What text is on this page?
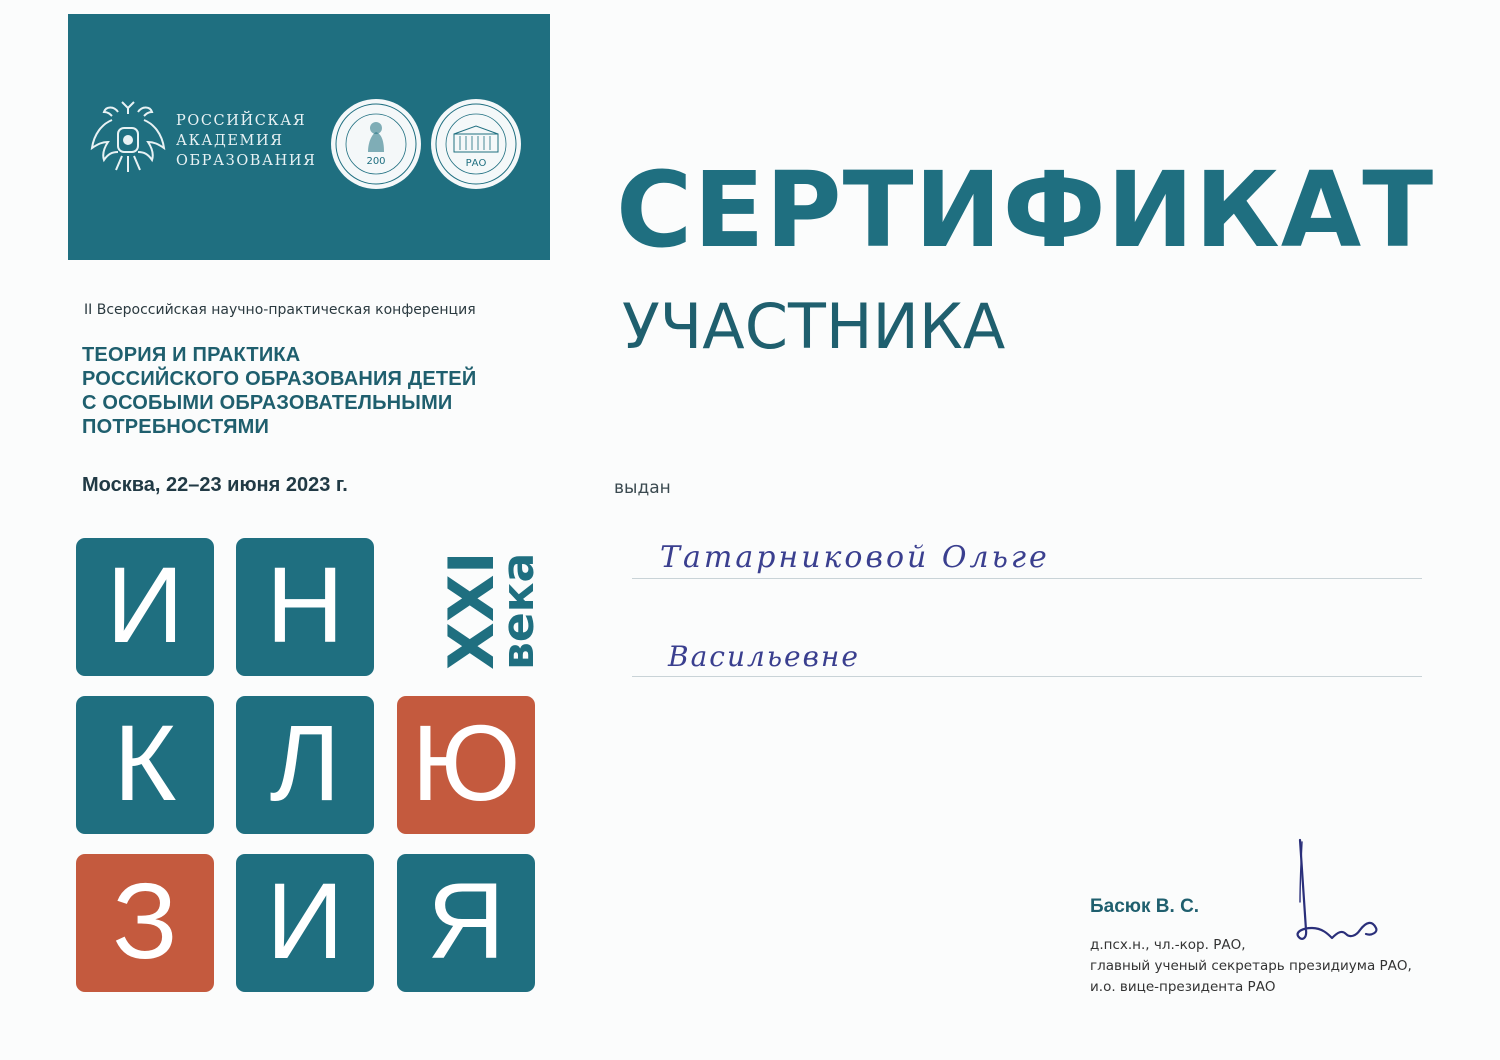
РОССИЙСКАЯ
АКАДЕМИЯ
ОБРАЗОВАНИЯ	200	РАО
II Всероссийская научно-практическая конференция
ТЕОРИЯ И ПРАКТИКА
РОССИЙСКОГО ОБРАЗОВАНИЯ ДЕТЕЙ
С ОСОБЫМИ ОБРАЗОВАТЕЛЬНЫМИ
ПОТРЕБНОСТЯМИ
Москва, 22–23 июня 2023 г.
И Н XXI
века
К Л Ю
З И Я
СЕРТИФИКАТ
УЧАСТНИКА
выдан
Татарниковой Ольге
Васильевне
Басюк В. С.
д.псх.н., чл.-кор. РАО,
главный ученый секретарь президиума РАО,
и.о. вице-президента РАО
